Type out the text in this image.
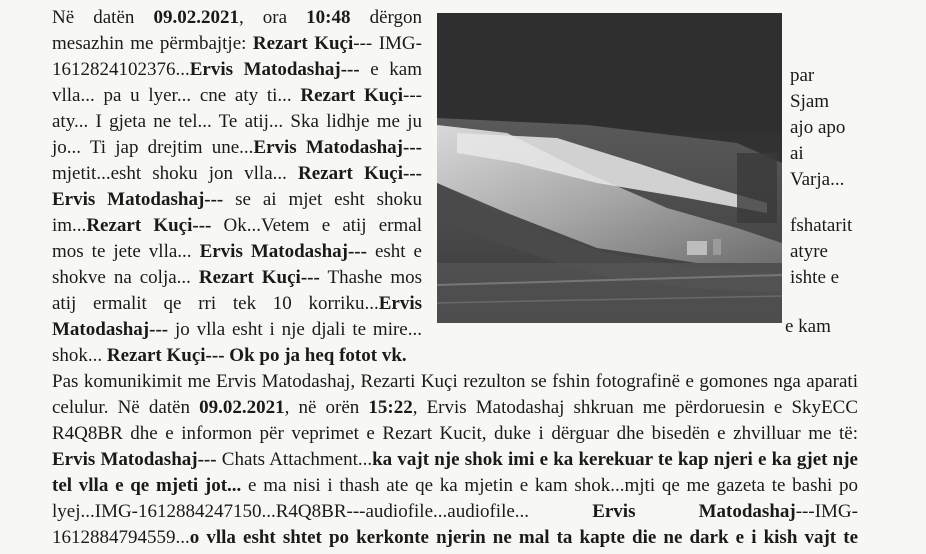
Në datën 09.02.2021, ora 10:48 dërgon
mesazhin me përmbajtje: Rezart Kuçi--- IMG-
1612824102376...Ervis Matodashaj--- e kam
vlla... pa u lyer... cne aty ti... Rezart Kuçi---
aty... I gjeta ne tel... Te atij... Ska lidhje me ju
jo... Ti jap drejtim une...Ervis Matodashaj---
mjetit...esht shoku jon vlla... Rezart Kuçi---
Ervis Matodashaj--- se ai mjet esht shoku
im...Rezart Kuçi--- Ok...Vetem e atij ermal
mos te jete vlla... Ervis Matodashaj--- esht e
shokve na colja... Rezart Kuçi--- Thashe mos
atij ermalit qe rri tek 10 korriku...Ervis
Matodashaj--- jo vlla esht i nje djali te mire...
shok... Rezart Kuçi--- Ok po ja heq fotot vk.
par
Sjam
ajo apo
ai
Varja...
fshatarit
atyre
ishte e
e kam
Pas komunikimit me Ervis Matodashaj, Rezarti Kuçi rezulton se fshin fotografinë e gomones nga aparati
celulur. Në datën 09.02.2021, në orën 15:22, Ervis Matodashaj shkruan me përdoruesin e SkyECC
R4Q8BR dhe e informon për veprimet e Rezart Kucit, duke i dërguar dhe bisedën e zhvilluar me të:
Ervis Matodashaj--- Chats Attachment...ka vajt nje shok imi e ka kerekuar te kap njeri e ka gjet nje
tel vlla e qe mjeti jot... e ma nisi i thash ate qe ka mjetin e kam shok...mjti qe me gazeta te bashi po
lyej...IMG-1612884247150...R4Q8BR---audiofile...audiofile... Ervis Matodashaj---IMG-
1612884794559...o vlla esht shtet po kerkonte njerin ne mal ta kapte die ne dark e i kish vajt te
